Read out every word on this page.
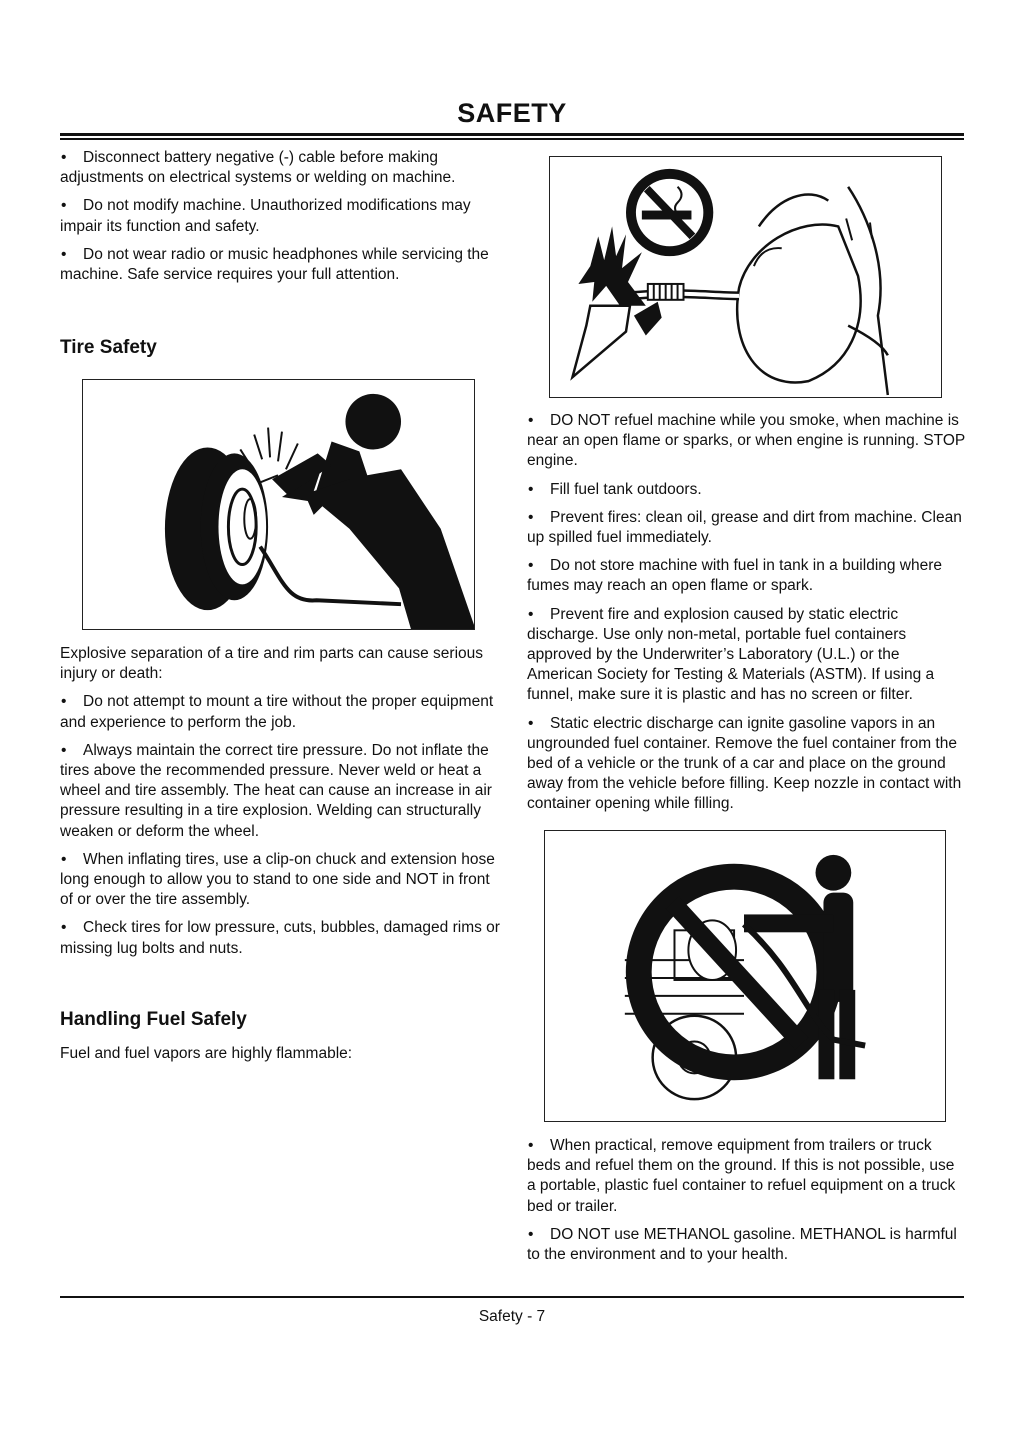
SAFETY
• Disconnect battery negative (-) cable before making adjustments on electrical systems or welding on machine.
• Do not modify machine. Unauthorized modifications may impair its function and safety.
• Do not wear radio or music headphones while servicing the machine. Safe service requires your full attention.
Tire Safety

Explosive separation of a tire and rim parts can cause serious injury or death:

• Do not attempt to mount a tire without the proper equipment and experience to perform the job.
• Always maintain the correct tire pressure. Do not inflate the tires above the recommended pressure. Never weld or heat a wheel and tire assembly. The heat can cause an increase in air pressure resulting in a tire explosion. Welding can structurally weaken or deform the wheel.
• When inflating tires, use a clip-on chuck and extension hose long enough to allow you to stand to one side and NOT in front of or over the tire assembly.
• Check tires for low pressure, cuts, bubbles, damaged rims or missing lug bolts and nuts.
Handling Fuel Safely

Fuel and fuel vapors are highly flammable:

• DO NOT refuel machine while you smoke, when machine is near an open flame or sparks, or when engine is running. STOP engine.
• Fill fuel tank outdoors.
• Prevent fires: clean oil, grease and dirt from machine. Clean up spilled fuel immediately.
• Do not store machine with fuel in tank in a building where fumes may reach an open flame or spark.
• Prevent fire and explosion caused by static electric discharge. Use only non-metal, portable fuel containers approved by the Underwriter’s Laboratory (U.L.) or the American Society for Testing & Materials (ASTM). If using a funnel, make sure it is plastic and has no screen or filter.
• Static electric discharge can ignite gasoline vapors in an ungrounded fuel container. Remove the fuel container from the bed of a vehicle or the trunk of a car and place on the ground away from the vehicle before filling. Keep nozzle in contact with container opening while filling.
• When practical, remove equipment from trailers or truck beds and refuel them on the ground. If this is not possible, use a portable, plastic fuel container to refuel equipment on a truck bed or trailer.
• DO NOT use METHANOL gasoline. METHANOL is harmful to the environment and to your health.
Safety - 7
